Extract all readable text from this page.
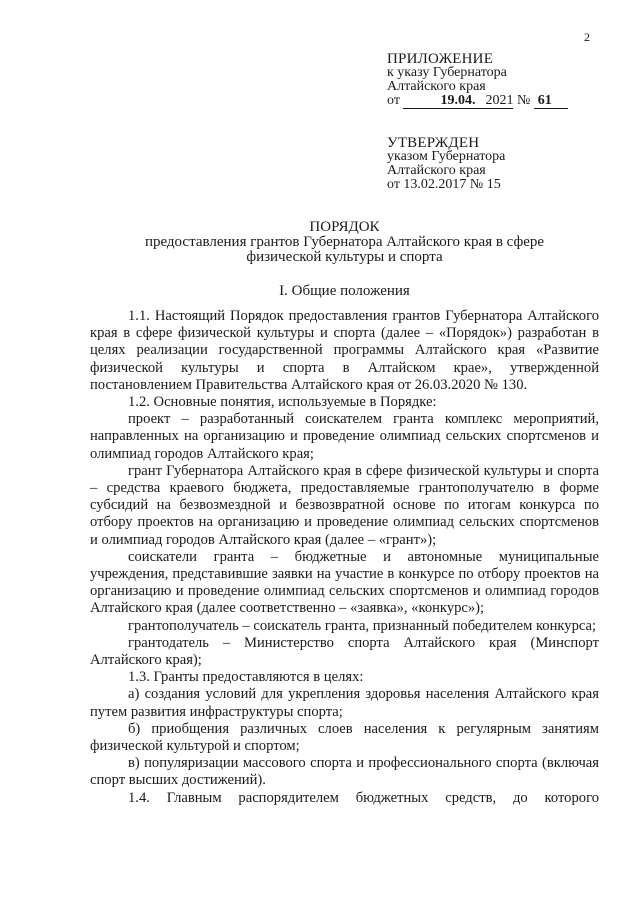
2
ПРИЛОЖЕНИЕ
к указу Губернатора
Алтайского края
от	19.04. 2021 № 61
УТВЕРЖДЕН
указом Губернатора
Алтайского края
от 13.02.2017 № 15
ПОРЯДОК
предоставления грантов Губернатора Алтайского края в сфере
физической культуры и спорта
I. Общие положения

1.1. Настоящий Порядок предоставления грантов Губернатора Алтайского края в сфере физической культуры и спорта (далее – «Порядок») разработан в целях реализации государственной программы Алтайского края «Развитие физической культуры и спорта в Алтайском крае», утвержденной постановлением Правительства Алтайского края от 26.03.2020 № 130.

1.2. Основные понятия, используемые в Порядке:

проект – разработанный соискателем гранта комплекс мероприятий, направленных на организацию и проведение олимпиад сельских спортсменов и олимпиад городов Алтайского края;

грант Губернатора Алтайского края в сфере физической культуры и спорта – средства краевого бюджета, предоставляемые грантополучателю в форме субсидий на безвозмездной и безвозвратной основе по итогам конкурса по отбору проектов на организацию и проведение олимпиад сельских спортсменов и олимпиад городов Алтайского края (далее – «грант»);

соискатели гранта – бюджетные и автономные муниципальные учреждения, представившие заявки на участие в конкурсе по отбору проектов на организацию и проведение олимпиад сельских спортсменов и олимпиад городов Алтайского края (далее соответственно – «заявка», «конкурс»);

грантополучатель – соискатель гранта, признанный победителем конкурса;

грантодатель – Министерство спорта Алтайского края (Минспорт Алтайского края);

1.3. Гранты предоставляются в целях:

а) создания условий для укрепления здоровья населения Алтайского края путем развития инфраструктуры спорта;

б) приобщения различных слоев населения к регулярным занятиям физической культурой и спортом;

в) популяризации массового спорта и профессионального спорта (включая спорт высших достижений).

1.4. Главным распорядителем бюджетных средств, до которого
